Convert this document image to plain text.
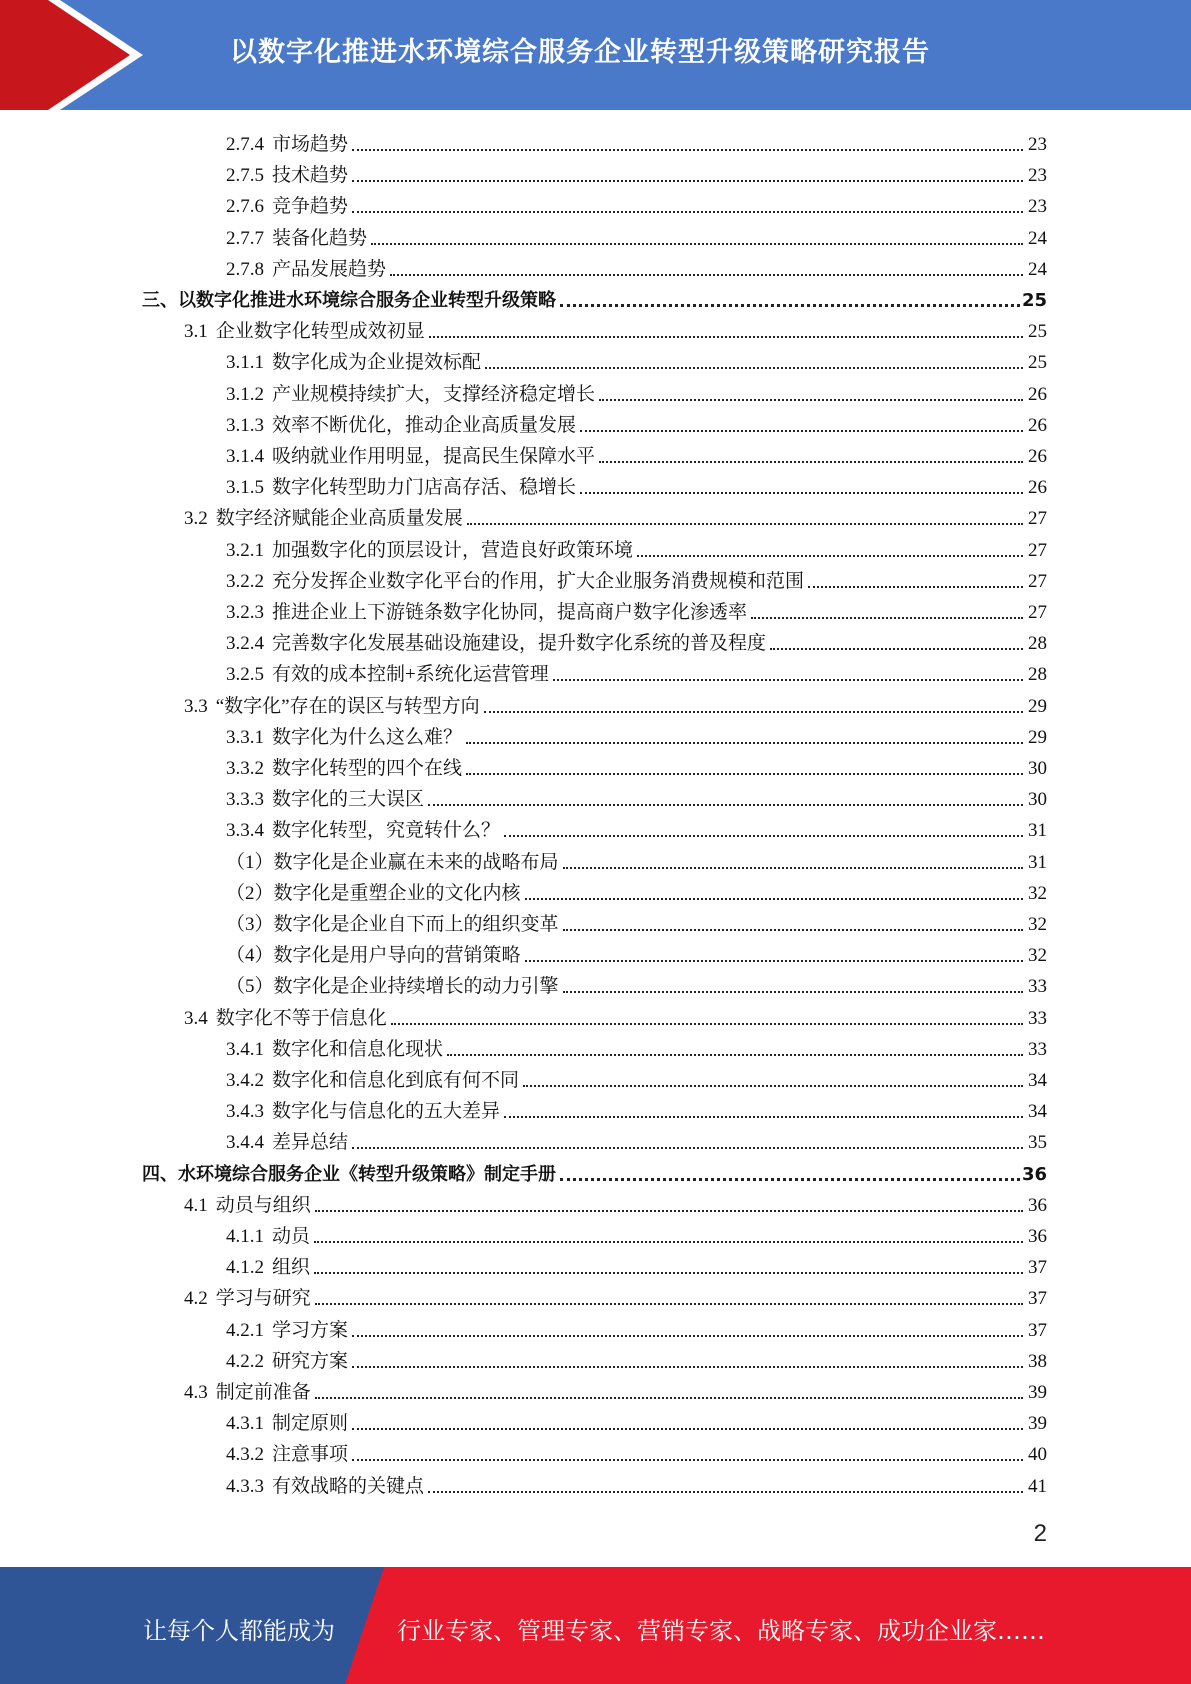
以数字化推进水环境综合服务企业转型升级策略研究报告
2.7.4 市场趋势	23
2.7.5 技术趋势	23
2.7.6 竞争趋势	23
2.7.7 装备化趋势	24
2.7.8 产品发展趋势	24
三、以数字化推进水环境综合服务企业转型升级策略	25
3.1 企业数字化转型成效初显	25
3.1.1 数字化成为企业提效标配	25
3.1.2 产业规模持续扩大，支撑经济稳定增长	26
3.1.3 效率不断优化，推动企业高质量发展	26
3.1.4 吸纳就业作用明显，提高民生保障水平	26
3.1.5 数字化转型助力门店高存活、稳增长	26
3.2 数字经济赋能企业高质量发展	27
3.2.1 加强数字化的顶层设计，营造良好政策环境	27
3.2.2 充分发挥企业数字化平台的作用，扩大企业服务消费规模和范围	27
3.2.3 推进企业上下游链条数字化协同，提高商户数字化渗透率	27
3.2.4 完善数字化发展基础设施建设，提升数字化系统的普及程度	28
3.2.5 有效的成本控制+系统化运营管理	28
3.3 “数字化”存在的误区与转型方向	29
3.3.1 数字化为什么这么难？	29
3.3.2 数字化转型的四个在线	30
3.3.3 数字化的三大误区	30
3.3.4 数字化转型，究竟转什么？	31
（1） 数字化是企业赢在未来的战略布局	31
（2） 数字化是重塑企业的文化内核	32
（3） 数字化是企业自下而上的组织变革	32
（4） 数字化是用户导向的营销策略	32
（5） 数字化是企业持续增长的动力引擎	33
3.4 数字化不等于信息化	33
3.4.1 数字化和信息化现状	33
3.4.2 数字化和信息化到底有何不同	34
3.4.3 数字化与信息化的五大差异	34
3.4.4 差异总结	35
四、水环境综合服务企业《转型升级策略》制定手册	36
4.1 动员与组织	36
4.1.1 动员	36
4.1.2 组织	37
4.2 学习与研究	37
4.2.1 学习方案	37
4.2.2 研究方案	38
4.3 制定前准备	39
4.3.1 制定原则	39
4.3.2 注意事项	40
4.3.3 有效战略的关键点	41
2
让每个人都能成为	行业专家、管理专家、营销专家、战略专家、成功企业家……
